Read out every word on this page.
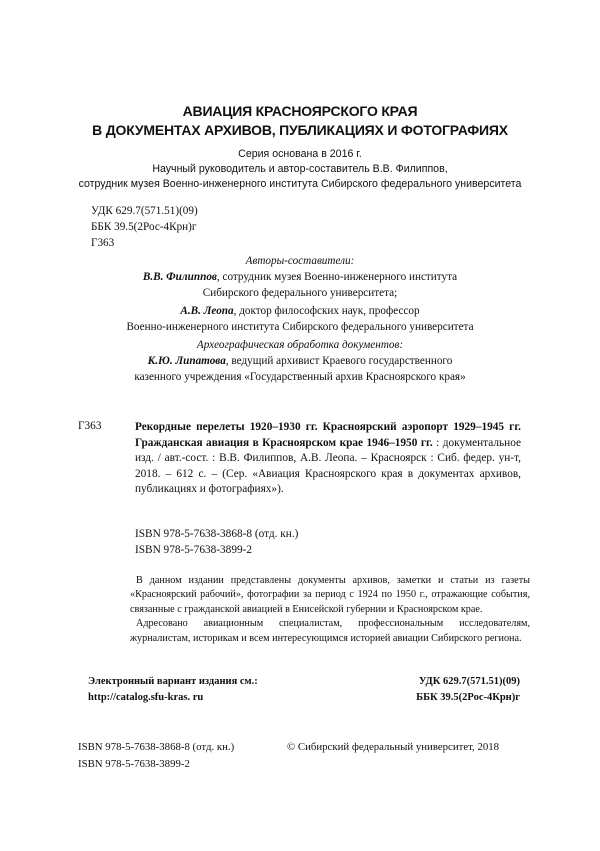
АВИАЦИЯ КРАСНОЯРСКОГО КРАЯ
В ДОКУМЕНТАХ АРХИВОВ, ПУБЛИКАЦИЯХ И ФОТОГРАФИЯХ
Серия основана в 2016 г.
Научный руководитель и автор-составитель В.В. Филиппов,
сотрудник музея Военно-инженерного института Сибирского федерального университета
УДК 629.7(571.51)(09)
ББК 39.5(2Рос-4Крн)г
Г363
Авторы-составители:
В.В. Филиппов, сотрудник музея Военно-инженерного института
Сибирского федерального университета;
А.В. Леопа, доктор философских наук, профессор
Военно-инженерного института Сибирского федерального университета
Археографическая обработка документов:
К.Ю. Липатова, ведущий архивист Краевого государственного
казенного учреждения «Государственный архив Красноярского края»
Г363	Рекордные перелеты 1920–1930 гг. Красноярский аэропорт 1929–1945 гг. Гражданская авиация в Красноярском крае 1946–1950 гг. : документальное изд. / авт.-сост. : В.В. Филиппов, А.В. Леопа. – Красноярск : Сиб. федер. ун-т, 2018. – 612 с. – (Сер. «Авиация Красноярского края в документах архивов, публикациях и фотографиях»).
ISBN 978-5-7638-3868-8 (отд. кн.)
ISBN 978-5-7638-3899-2

В данном издании представлены документы архивов, заметки и статьи из газеты «Красноярский рабочий», фотографии за период с 1924 по 1950 г., отражающие события, связанные с гражданской авиацией в Енисейской губернии и Красноярском крае.

Адресовано авиационным специалистам, профессиональным исследователям, журналистам, историкам и всем интересующимся историей авиации Сибирского региона.

Электронный вариант издания см.:
http://catalog.sfu-kras. ru
УДК 629.7(571.51)(09)
ББК 39.5(2Рос-4Крн)г
ISBN 978-5-7638-3868-8 (отд. кн.)
ISBN 978-5-7638-3899-2
© Сибирский федеральный университет, 2018
